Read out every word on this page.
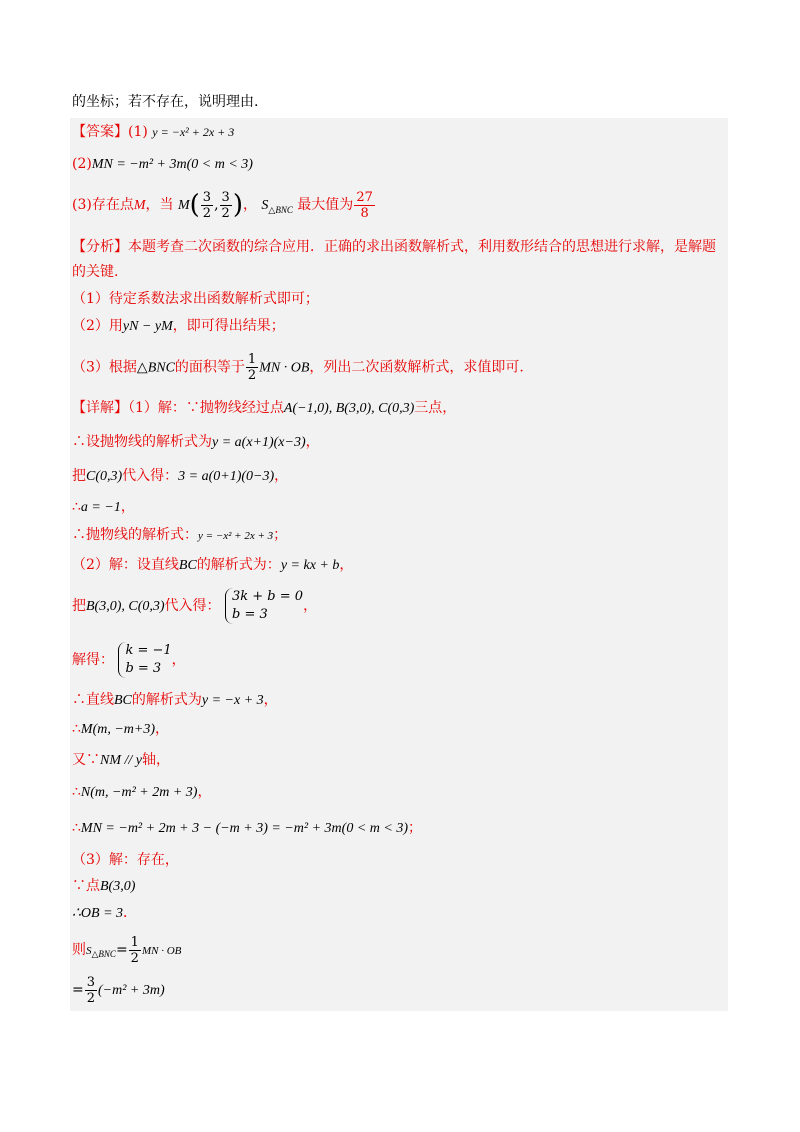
的坐标；若不存在，说明理由.
【答案】(1) y = −x² + 2x + 3
(2)MN = −m² + 3m(0 < m < 3)
(3)存在点M，当 $M( \frac{3}{2}$ , $\frac{3}{2}$ )， $S_{\triangle BNC}$ 最大值为 $\frac{27}{8}$
【分析】本题考查二次函数的综合应用．正确的求出函数解析式，利用数形结合的思想进行求解，是解题
的关键.
（1）待定系数法求出函数解析式即可；
（2）用yN − yM，即可得出结果；
（3）根据△BNC的面积等于 $\frac{1}{2}$ MN · OB，列出二次函数解析式，求值即可.
【详解】（1）解：∵抛物线经过点A(−1,0), B(3,0), C(0,3)三点，
∴设抛物线的解析式为y = a(x+1)(x−3)，
把C(0,3)代入得：3 = a(0+1)(0−3)，
∴a = −1，
∴抛物线的解析式：y = −x² + 2x + 3；
（2）解：设直线BC的解析式为：y = kx + b，
把B(3,0), C(0,3)代入得：
3k + b = 0
b = 3
，
解得：
k = −1
b = 3
，
∴直线BC的解析式为y = −x + 3，
∴M(m, −m+3)，
又∵NM // y轴，
∴N(m, −m² + 2m + 3)，
∴MN = −m² + 2m + 3 − (−m + 3) = −m² + 3m(0 < m < 3)；
（3）解：存在，
∵点B(3,0)
∴OB = 3．
则$S_{\triangle BNC}= \frac{1}{2}$ MN · OB
= $\frac{3}{2} (-m^2 + 3m)$
